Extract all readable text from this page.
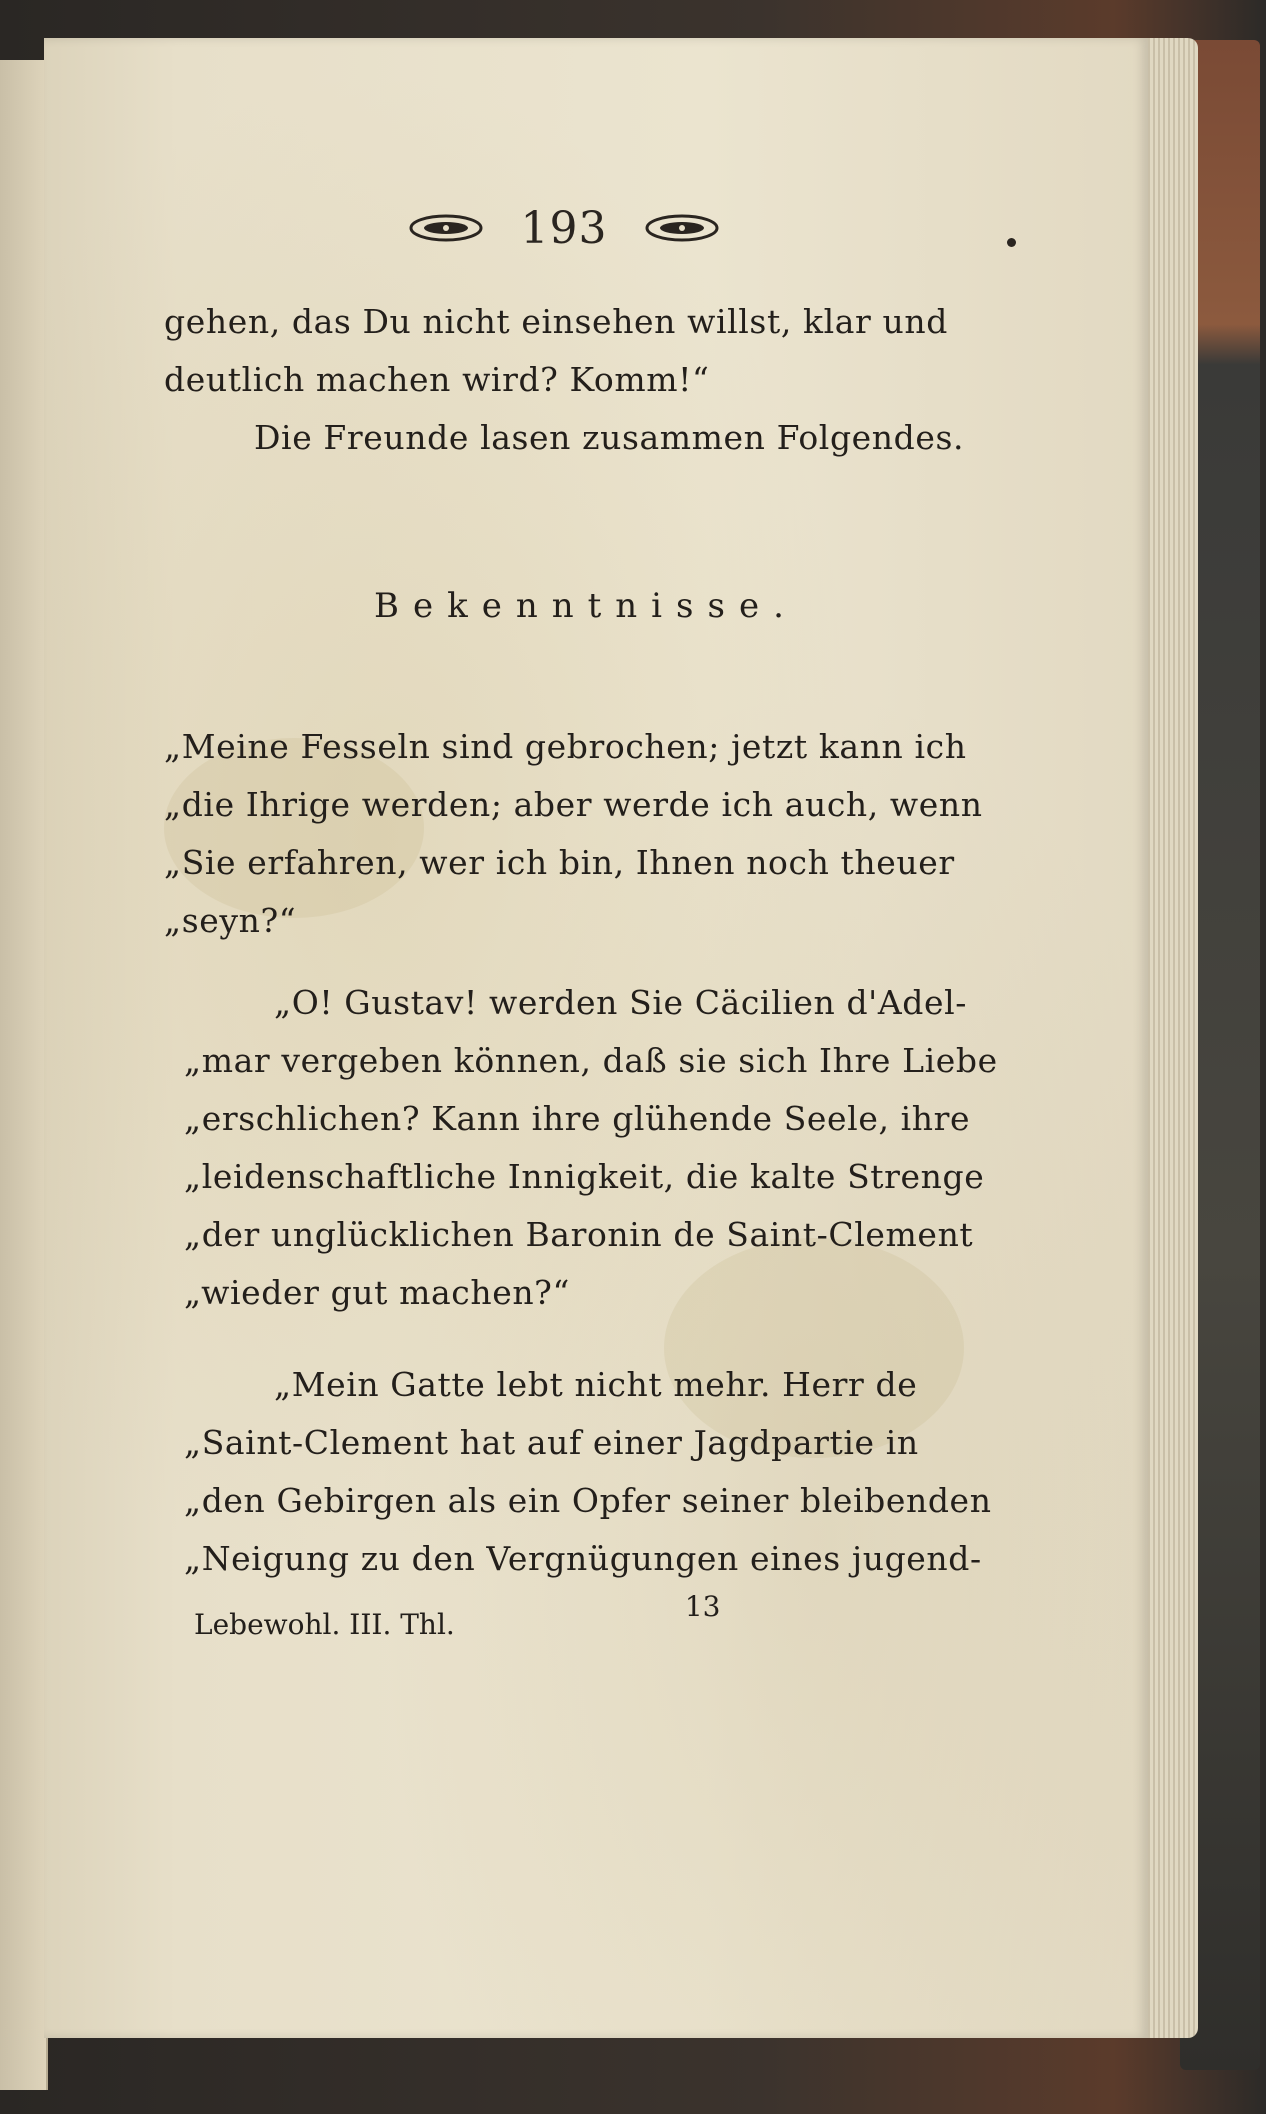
193
gehen, das Du nicht einsehen willst, klar und
deutlich machen wird? Komm!“
Die Freunde lasen zusammen Folgendes.
Bekenntnisse.
„Meine Fesseln sind gebrochen; jetzt kann ich
„die Ihrige werden; aber werde ich auch, wenn
„Sie erfahren, wer ich bin, Ihnen noch theuer
„seyn?“
„O! Gustav! werden Sie Cäcilien d'Adel-
„mar vergeben können, daß sie sich Ihre Liebe
„erschlichen? Kann ihre glühende Seele, ihre
„leidenschaftliche Innigkeit, die kalte Strenge
„der unglücklichen Baronin de Saint-Clement
„wieder gut machen?“
„Mein Gatte lebt nicht mehr. Herr de
„Saint-Clement hat auf einer Jagdpartie in
„den Gebirgen als ein Opfer seiner bleibenden
„Neigung zu den Vergnügungen eines jugend-
Lebewohl. III. Thl.
13
